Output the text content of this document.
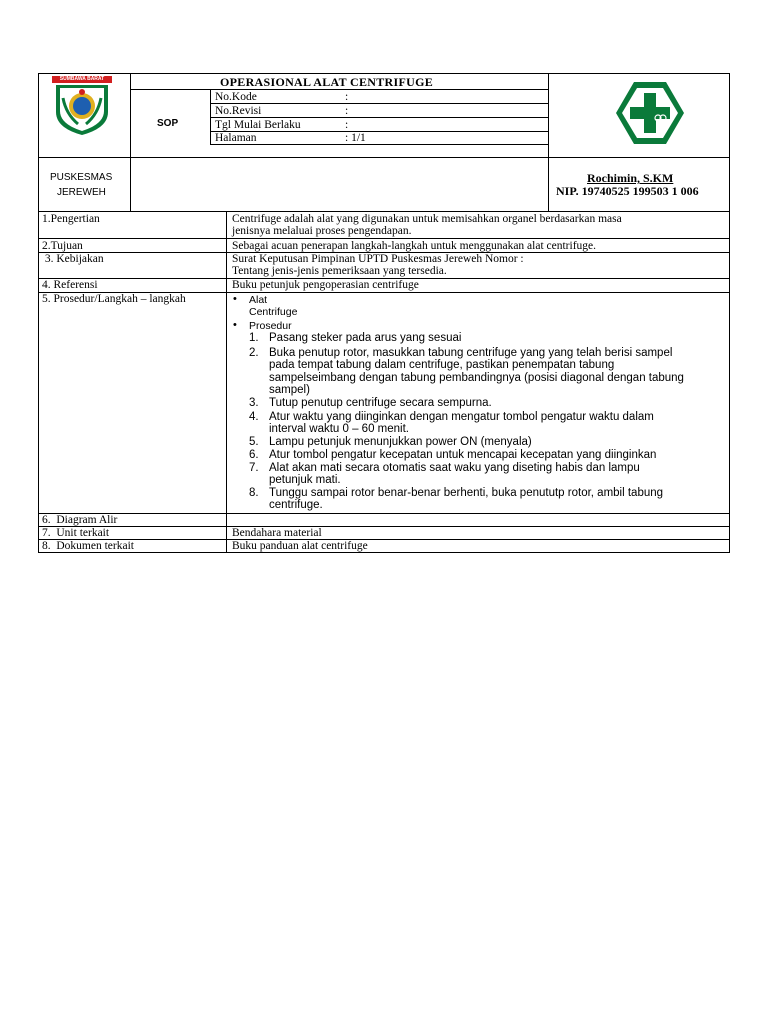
SUMBAWA BARAT	OPERASIONAL ALAT CENTRIFUGE
SOP
No.Kode	:
No.Revisi	:
Tgl Mulai Berlaku	:
Halaman	: 1/1
PUSKESMAS
JEREWEH
Rochimin, S.KM
NIP. 19740525 199503 1 006
1.Pengertian	Centrifuge adalah alat yang digunakan untuk memisahkan organel berdasarkan masa
jenisnya melaluai proses pengendapan.
2.Tujuan	Sebagai acuan penerapan langkah-langkah untuk menggunakan alat centrifuge.
3. Kebijakan	Surat Keputusan Pimpinan UPTD Puskesmas Jereweh Nomor :
Tentang jenis-jenis pemeriksaan yang tersedia.
4. Referensi	Buku petunjuk pengoperasian centrifuge
5. Prosedur/Langkah – langkah	• Alat
Centrifuge
• Prosedur
1. Pasang steker pada arus yang sesuai
2. Buka penutup rotor, masukkan tabung centrifuge yang yang telah berisi sampel
pada tempat tabung dalam centrifuge, pastikan penempatan tabung
sampelseimbang dengan tabung pembandingnya (posisi diagonal dengan tabung
sampel)
3. Tutup penutup centrifuge secara sempurna.
4. Atur waktu yang diinginkan dengan mengatur tombol pengatur waktu dalam
interval waktu 0 – 60 menit.
5. Lampu petunjuk menunjukkan power ON (menyala)
6. Atur tombol pengatur kecepatan untuk mencapai kecepatan yang diinginkan
7. Alat akan mati secara otomatis saat waku yang diseting habis dan lampu
petunjuk mati.
8. Tunggu sampai rotor benar-benar berhenti, buka penututp rotor, ambil tabung
centrifuge.
6.  Diagram Alir
7.  Unit terkait	Bendahara material
8.  Dokumen terkait	Buku panduan alat centrifuge
